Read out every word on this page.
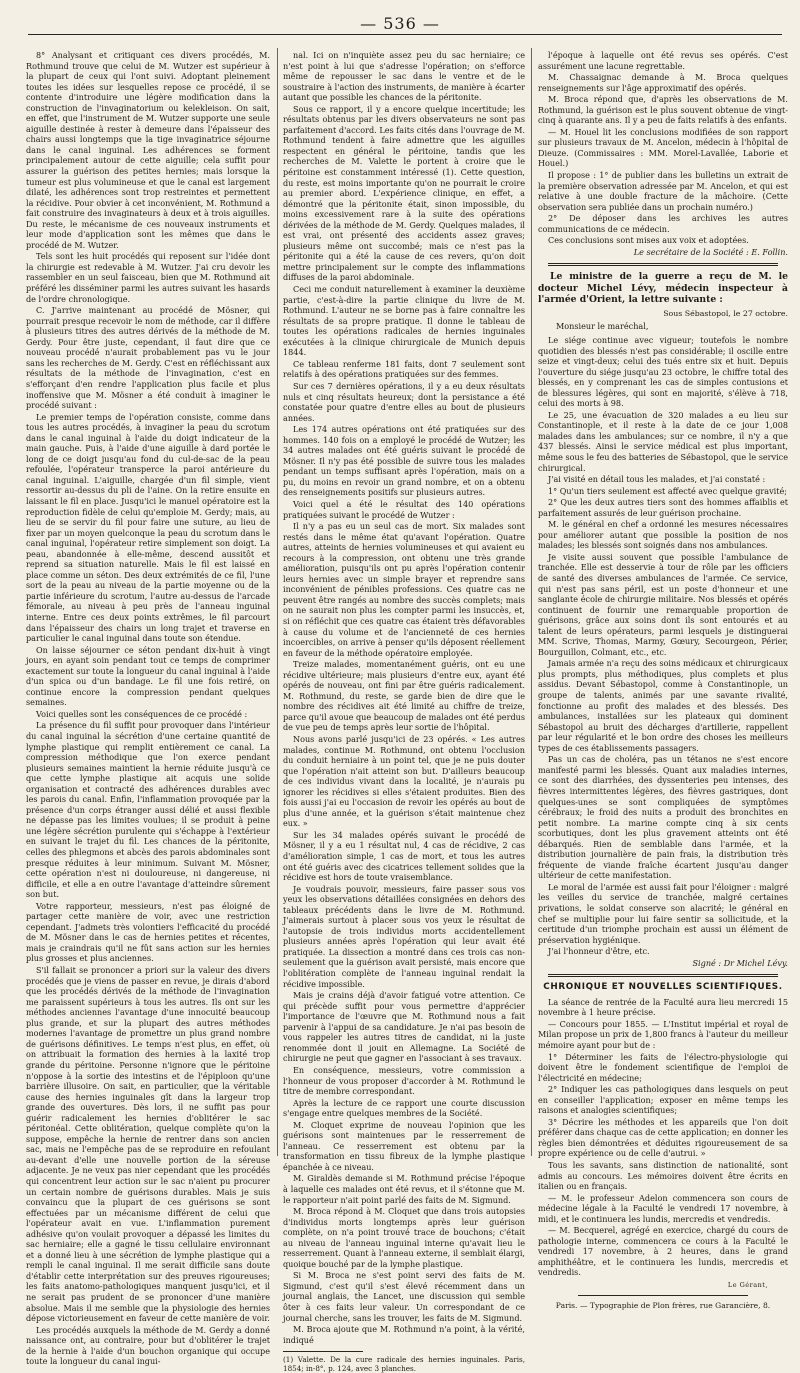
— 536 —

8° Analysant et critiquant ces divers procédés, M. Rothmund trouve que celui de M. Wutzer est supérieur à la plupart de ceux qui l'ont suivi. Adoptant pleinement toutes les idées sur lesquelles repose ce procédé, il se contente d'introduire une légère modification dans la construction de l'invaginatorium ou kelekleison. On sait, en effet, que l'instrument de M. Wutzer supporte une seule aiguille destinée à rester à demeure dans l'épaisseur des chairs aussi longtemps que la tige invaginatrice séjourne dans le canal inguinal. Les adhérences se forment principalement autour de cette aiguille; cela suffit pour assurer la guérison des petites hernies; mais lorsque la tumeur est plus volumineuse et que le canal est largement dilaté, les adhérences sont trop restreintes et permettent la récidive. Pour obvier à cet inconvénient, M. Rothmund a fait construire des invaginateurs à deux et à trois aiguilles. Du reste, le mécanisme de ces nouveaux instruments et leur mode d'application sont les mêmes que dans le procédé de M. Wutzer.

Tels sont les huit procédés qui reposent sur l'idée dont la chirurgie est redevable à M. Wutzer. J'ai cru devoir les rassembler en un seul faisceau, bien que M. Rothmund ait préféré les disséminer parmi les autres suivant les hasards de l'ordre chronologique.

C. J'arrive maintenant au procédé de Mösner, qui pourrait presque recevoir le nom de méthode, car il diffère à plusieurs titres des autres dérivés de la méthode de M. Gerdy. Pour être juste, cependant, il faut dire que ce nouveau procédé n'aurait probablement pas vu le jour sans les recherches de M. Gerdy. C'est en réfléchissant aux résultats de la méthode de l'invagination, c'est en s'efforçant d'en rendre l'application plus facile et plus inoffensive que M. Mösner a été conduit à imaginer le procédé suivant :

Le premier temps de l'opération consiste, comme dans tous les autres procédés, à invaginer la peau du scrotum dans le canal inguinal à l'aide du doigt indicateur de la main gauche. Puis, à l'aide d'une aiguille à dard portée le long de ce doigt jusqu'au fond du cul-de-sac de la peau refoulée, l'opérateur transperce la paroi antérieure du canal inguinal. L'aiguille, chargée d'un fil simple, vient ressortir au-dessus du pli de l'aine. On la retire ensuite en laissant le fil en place. Jusqu'ici le manuel opératoire est la reproduction fidèle de celui qu'emploie M. Gerdy; mais, au lieu de se servir du fil pour faire une suture, au lieu de fixer par un moyen quelconque la peau du scrotum dans le canal inguinal, l'opérateur retire simplement son doigt. La peau, abandonnée à elle-même, descend aussitôt et reprend sa situation naturelle. Mais le fil est laissé en place comme un séton. Des deux extrémités de ce fil, l'une sort de la peau au niveau de la partie moyenne ou de la partie inférieure du scrotum, l'autre au-dessus de l'arcade fémorale, au niveau à peu près de l'anneau inguinal interne. Entre ces deux points extrêmes, le fil parcourt dans l'épaisseur des chairs un long trajet et traverse en particulier le canal inguinal dans toute son étendue.

On laisse séjourner ce séton pendant dix-huit à vingt jours, en ayant soin pendant tout ce temps de comprimer exactement sur toute la longueur du canal inguinal à l'aide d'un spica ou d'un bandage. Le fil une fois retiré, on continue encore la compression pendant quelques semaines.

Voici quelles sont les conséquences de ce procédé :

La présence du fil suffit pour provoquer dans l'intérieur du canal inguinal la sécrétion d'une certaine quantité de lymphe plastique qui remplit entièrement ce canal. La compression méthodique que l'on exerce pendant plusieurs semaines maintient la hernie réduite jusqu'à ce que cette lymphe plastique ait acquis une solide organisation et contracté des adhérences durables avec les parois du canal. Enfin, l'inflammation provoquée par la présence d'un corps étranger aussi délié et aussi flexible ne dépasse pas les limites voulues; il se produit à peine une légère sécrétion purulente qui s'échappe à l'extérieur en suivant le trajet du fil. Les chances de la péritonite, celles des phlegmons et abcès des parois abdominales sont presque réduites à leur minimum. Suivant M. Mösner, cette opération n'est ni douloureuse, ni dangereuse, ni difficile, et elle a en outre l'avantage d'atteindre sûrement son but.

Votre rapporteur, messieurs, n'est pas éloigné de partager cette manière de voir, avec une restriction cependant. J'admets très volontiers l'efficacité du procédé de M. Mösner dans le cas de hernies petites et récentes, mais je craindrais qu'il ne fût sans action sur les hernies plus grosses et plus anciennes.

S'il fallait se prononcer a priori sur la valeur des divers procédés que je viens de passer en revue, je dirais d'abord que les procédés dérivés de la méthode de l'invagination me paraissent supérieurs à tous les autres. Ils ont sur les méthodes anciennes l'avantage d'une innocuité beaucoup plus grande, et sur la plupart des autres méthodes modernes l'avantage de promettre un plus grand nombre de guérisons définitives. Le temps n'est plus, en effet, où on attribuait la formation des hernies à la laxité trop grande du péritoine. Personne n'ignore que le péritoine n'oppose à la sortie des intestins et de l'épiploon qu'une barrière illusoire. On sait, en particulier, que la véritable cause des hernies inguinales gît dans la largeur trop grande des ouvertures. Dès lors, il ne suffit pas pour guérir radicalement les hernies d'oblitérer le sac péritonéal. Cette oblitération, quelque complète qu'on la suppose, empêche la hernie de rentrer dans son ancien sac, mais ne l'empêche pas de se reproduire en refoulant au-devant d'elle une nouvelle portion de la séreuse adjacente. Je ne veux pas nier cependant que les procédés qui concentrent leur action sur le sac n'aient pu procurer un certain nombre de guérisons durables. Mais je suis convaincu que la plupart de ces guérisons se sont effectuées par un mécanisme différent de celui que l'opérateur avait en vue. L'inflammation purement adhésive qu'on voulait provoquer a dépassé les limites du sac herniaire; elle a gagné le tissu cellulaire environnant et a donné lieu à une sécrétion de lymphe plastique qui a rempli le canal inguinal. Il me serait difficile sans doute d'établir cette interprétation sur des preuves rigoureuses; les faits anatomo-pathologiques manquent jusqu'ici, et il ne serait pas prudent de se prononcer d'une manière absolue. Mais il me semble que la physiologie des hernies dépose victorieusement en faveur de cette manière de voir.

Les procédés auxquels la méthode de M. Gerdy a donné naissance ont, au contraire, pour but d'oblitérer le trajet de la hernie à l'aide d'un bouchon organique qui occupe toute la longueur du canal ingui-

nal. Ici on n'inquiète assez peu du sac herniaire; ce n'est point à lui que s'adresse l'opération; on s'efforce même de repousser le sac dans le ventre et de le soustraire à l'action des instruments, de manière à écarter autant que possible les chances de la péritonite.

Sous ce rapport, il y a encore quelque incertitude; les résultats obtenus par les divers observateurs ne sont pas parfaitement d'accord. Les faits cités dans l'ouvrage de M. Rothmund tendent à faire admettre que les aiguilles respectent en général le péritoine, tandis que les recherches de M. Valette le portent à croire que le péritoine est constamment intéressé (1). Cette question, du reste, est moins importante qu'on ne pourrait le croire au premier abord. L'expérience clinique, en effet, a démontré que la péritonite était, sinon impossible, du moins excessivement rare à la suite des opérations dérivées de la méthode de M. Gerdy. Quelques malades, il est vrai, ont présenté des accidents assez graves; plusieurs même ont succombé; mais ce n'est pas la péritonite qui a été la cause de ces revers, qu'on doit mettre principalement sur le compte des inflammations diffuses de la paroi abdominale.

Ceci me conduit naturellement à examiner la deuxième partie, c'est-à-dire la partie clinique du livre de M. Rothmund. L'auteur ne se borne pas à faire connaître les résultats de sa propre pratique. Il donne le tableau de toutes les opérations radicales de hernies inguinales exécutées à la clinique chirurgicale de Munich depuis 1844.

Ce tableau renferme 181 faits, dont 7 seulement sont relatifs à des opérations pratiquées sur des femmes.

Sur ces 7 dernières opérations, il y a eu deux résultats nuls et cinq résultats heureux; dont la persistance a été constatée pour quatre d'entre elles au bout de plusieurs années.

Les 174 autres opérations ont été pratiquées sur des hommes. 140 fois on a employé le procédé de Wutzer; les 34 autres malades ont été guéris suivant le procédé de Mösner. Il n'y pas été possible de suivre tous les malades pendant un temps suffisant après l'opération, mais on a pu, du moins en revoir un grand nombre, et on a obtenu des renseignements positifs sur plusieurs autres.

Voici quel a été le résultat des 140 opérations pratiquées suivant le procédé de Wutzer :

Il n'y a pas eu un seul cas de mort. Six malades sont restés dans le même état qu'avant l'opération. Quatre autres, atteints de hernies volumineuses et qui avaient eu recours à la compression, ont obtenu une très grande amélioration, puisqu'ils ont pu après l'opération contenir leurs hernies avec un simple brayer et reprendre sans inconvénient de pénibles professions. Ces quatre cas ne peuvent être rangés au nombre des succès complets; mais on ne saurait non plus les compter parmi les insuccès, et, si on réfléchit que ces quatre cas étaient très défavorables à cause du volume et de l'ancienneté de ces hernies incoercibles, on arrive à penser qu'ils déposent réellement en faveur de la méthode opératoire employée.

Treize malades, momentanément guéris, ont eu une récidive ultérieure; mais plusieurs d'entre eux, ayant été opérés de nouveau, ont fini par être guéris radicalement. M. Rothmund, du reste, se garde bien de dire que le nombre des récidives ait été limité au chiffre de treize, parce qu'il avoue que beaucoup de malades ont été perdus de vue peu de temps après leur sortie de l'hôpital.

Nous avons parlé jusqu'ici de 23 opérés. « Les autres malades, continue M. Rothmund, ont obtenu l'occlusion du conduit herniaire à un point tel, que je ne puis douter que l'opération n'ait atteint son but. D'ailleurs beaucoup de ces individus vivant dans la localité, je n'aurais pu ignorer les récidives si elles s'étaient produites. Bien des fois aussi j'ai eu l'occasion de revoir les opérés au bout de plus d'une année, et la guérison s'était maintenue chez eux. »

Sur les 34 malades opérés suivant le procédé de Mösner, il y a eu 1 résultat nul, 4 cas de récidive, 2 cas d'amélioration simple, 1 cas de mort, et tous les autres ont été guéris avec des cicatrices tellement solides que la récidive est hors de toute vraisemblance.

Je voudrais pouvoir, messieurs, faire passer sous vos yeux les observations détaillées consignées en dehors des tableaux précédents dans le livre de M. Rothmund. J'aimerais surtout à placer sous vos yeux le résultat de l'autopsie de trois individus morts accidentellement plusieurs années après l'opération qui leur avait été pratiquée. La dissection a montré dans ces trois cas non-seulement que la guérison avait persisté, mais encore que l'oblitération complète de l'anneau inguinal rendait la récidive impossible.

Mais je crains déjà d'avoir fatigué votre attention. Ce qui précède suffit pour vous permettre d'apprécier l'importance de l'œuvre que M. Rothmund nous a fait parvenir à l'appui de sa candidature. Je n'ai pas besoin de vous rappeler les autres titres de candidat, ni la juste renommée dont il jouit en Allemagne. La Société de chirurgie ne peut que gagner en l'associant à ses travaux.

En conséquence, messieurs, votre commission a l'honneur de vous proposer d'accorder à M. Rothmund le titre de membre correspondant.

Après la lecture de ce rapport une courte discussion s'engage entre quelques membres de la Société.

M. Cloquet exprime de nouveau l'opinion que les guérisons sont maintenues par le resserrement de l'anneau. Ce resserrement est obtenu par la transformation en tissu fibreux de la lymphe plastique épanchée à ce niveau.

M. Giraldès demande si M. Rothmund précise l'époque à laquelle ces malades ont été revus, et il s'étonne que M. le rapporteur n'ait point parlé des faits de M. Sigmund.

M. Broca répond à M. Cloquet que dans trois autopsies d'individus morts longtemps après leur guérison complète, on n'a point trouvé trace de bouchons; c'était au niveau de l'anneau inguinal interne qu'avait lieu le resserrement. Quant à l'anneau externe, il semblait élargi, quoique bouché par de la lymphe plastique.

Si M. Broca ne s'est point servi des faits de M. Sigmund, c'est qu'il s'est élevé récemment dans un journal anglais, the Lancet, une discussion qui semble ôter à ces faits leur valeur. Un correspondant de ce journal cherche, sans les trouver, les faits de M. Sigmund.

M. Broca ajoute que M. Rothmund n'a point, à la vérité, indiqué

(1) Valette. De la cure radicale des hernies inguinales. Paris, 1854; in-8°, p. 124, avec 3 planches.

l'époque à laquelle ont été revus ses opérés. C'est assurément une lacune regrettable.

M. Chassaignac demande à M. Broca quelques renseignements sur l'âge approximatif des opérés.

M. Broca répond que, d'après les observations de M. Rothmund, la guérison est le plus souvent obtenue de vingt-cinq à quarante ans. Il y a peu de faits relatifs à des enfants.

— M. Houel lit les conclusions modifiées de son rapport sur plusieurs travaux de M. Ancelon, médecin à l'hôpital de Dieuze. (Commissaires : MM. Morel-Lavallée, Laborie et Houel.)

Il propose : 1° de publier dans les bulletins un extrait de la première observation adressée par M. Ancelon, et qui est relative à une double fracture de la mâchoire. (Cette observation sera publiée dans un prochain numéro.)

2° De déposer dans les archives les autres communications de ce médecin.

Ces conclusions sont mises aux voix et adoptées.

Le secrétaire de la Société : E. Follin.

Le ministre de la guerre a reçu de M. le docteur Michel Lévy, médecin inspecteur à l'armée d'Orient, la lettre suivante :

Sous Sébastopol, le 27 octobre.

Monsieur le maréchal,

Le siége continue avec vigueur; toutefois le nombre quotidien des blessés n'est pas considérable; il oscille entre seize et vingt-deux; celui des tués entre six et huit. Depuis l'ouverture du siége jusqu'au 23 octobre, le chiffre total des blessés, en y comprenant les cas de simples contusions et de blessures légères, qui sont en majorité, s'élève à 718, celui des morts à 98.

Le 25, une évacuation de 320 malades a eu lieu sur Constantinople, et il reste à la date de ce jour 1,008 malades dans les ambulances; sur ce nombre, il n'y a que 437 blessés. Ainsi le service médical est plus important, même sous le feu des batteries de Sébastopol, que le service chirurgical.

J'ai visité en détail tous les malades, et j'ai constaté :

1° Qu'un tiers seulement est affecté avec quelque gravité;

2° Que les deux autres tiers sont des hommes affaiblis et parfaitement assurés de leur guérison prochaine.

M. le général en chef a ordonné les mesures nécessaires pour améliorer autant que possible la position de nos malades; les blessés sont soignés dans nos ambulances.

Je visite aussi souvent que possible l'ambulance de tranchée. Elle est desservie à tour de rôle par les officiers de santé des diverses ambulances de l'armée. Ce service, qui n'est pas sans péril, est un poste d'honneur et une sanglante école de chirurgie militaire. Nos blessés et opérés continuent de fournir une remarquable proportion de guérisons, grâce aux soins dont ils sont entourés et au talent de leurs opérateurs, parmi lesquels je distinguerai MM. Scrive, Thomas, Marmy, Gœury, Secourgeon, Périer, Bourguillon, Colmant, etc., etc.

Jamais armée n'a reçu des soins médicaux et chirurgicaux plus prompts, plus méthodiques, plus complets et plus assidus. Devant Sébastopol, comme à Constantinople, un groupe de talents, animés par une savante rivalité, fonctionne au profit des malades et des blessés. Des ambulances, installées sur les plateaux qui dominent Sébastopol au bruit des décharges d'artillerie, rappellent par leur régularité et le bon ordre des choses les meilleurs types de ces établissements passagers.

Pas un cas de choléra, pas un tétanos ne s'est encore manifesté parmi les blessés. Quant aux maladies internes, ce sont des diarrhées, des dyssenteries peu intenses, des fièvres intermittentes légères, des fièvres gastriques, dont quelques-unes se sont compliquées de symptômes cérébraux; le froid des nuits a produit des bronchites en petit nombre. La marine compte cinq à six cents scorbutiques, dont les plus gravement atteints ont été débarqués. Rien de semblable dans l'armée, et la distribution journalière de pain frais, la distribution très fréquente de viande fraîche écartent jusqu'au danger ultérieur de cette manifestation.

Le moral de l'armée est aussi fait pour l'éloigner : malgré les veilles du service de tranchée, malgré certaines privations, le soldat conserve son alacrité; le général en chef se multiplie pour lui faire sentir sa sollicitude, et la certitude d'un triomphe prochain est aussi un élément de préservation hygiénique.

J'ai l'honneur d'être, etc.

Signé : Dr Michel Lévy.

CHRONIQUE ET NOUVELLES SCIENTIFIQUES.

La séance de rentrée de la Faculté aura lieu mercredi 15 novembre à 1 heure précise.

— Concours pour 1855. — L'Institut impérial et royal de Milan propose un prix de 1,800 francs à l'auteur du meilleur mémoire ayant pour but de :

1° Déterminer les faits de l'électro-physiologie qui doivent être le fondement scientifique de l'emploi de l'électricité en médecine;

2° Indiquer les cas pathologiques dans lesquels on peut en conseiller l'application; exposer en même temps les raisons et analogies scientifiques;

3° Décrire les méthodes et les appareils que l'on doit préférer dans chaque cas de cette application; en donner les règles bien démontrées et déduites rigoureusement de sa propre expérience ou de celle d'autrui. »

Tous les savants, sans distinction de nationalité, sont admis au concours. Les mémoires doivent être écrits en italien ou en français.

— M. le professeur Adelon commencera son cours de médecine légale à la Faculté le vendredi 17 novembre, à midi, et le continuera les lundis, mercredis et vendredis.

— M. Becquerel, agrégé en exercice, chargé du cours de pathologie interne, commencera ce cours à la Faculté le vendredi 17 novembre, à 2 heures, dans le grand amphithéâtre, et le continuera les lundis, mercredis et vendredis.

Le Gérant,
Paris. — Typographie de Plon frères, rue Garancière, 8.
